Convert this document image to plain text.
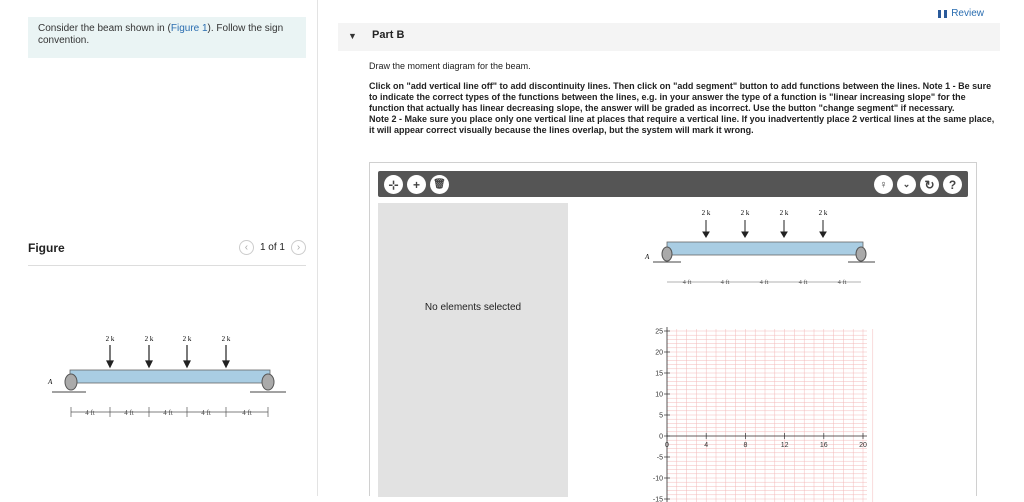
Consider the beam shown in (Figure 1). Follow the sign convention.
Figure	‹	1 of 1	›
2 k	2 k	2 k	2 k
A
4 ft	4 ft	4 ft	4 ft	4 ft
Review
▼ Part B
Draw the moment diagram for the beam.
Click on "add vertical line off" to add discontinuity lines. Then click on "add segment" button to add functions between the lines. Note 1 - Be sure to indicate the correct types of the functions between the lines, e.g. in your answer the type of a function is "linear increasing slope" for the function that actually has linear decreasing slope, the answer will be graded as incorrect. Use the button "change segment" if necessary.
Note 2 - Make sure you place only one vertical line at places that require a vertical line. If you inadvertently place 2 vertical lines at the same place, it will appear correct visually because the lines overlap, but the system will mark it wrong.
⊹	+	🗑	♀	⌄	↻	?
No elements selected
2 k	2 k	2 k	2 k
A
4 ft	4 ft	4 ft	4 ft	4 ft
25
20
15
10
5
0
-5
-10
-15
0	4	8	12	16	20
